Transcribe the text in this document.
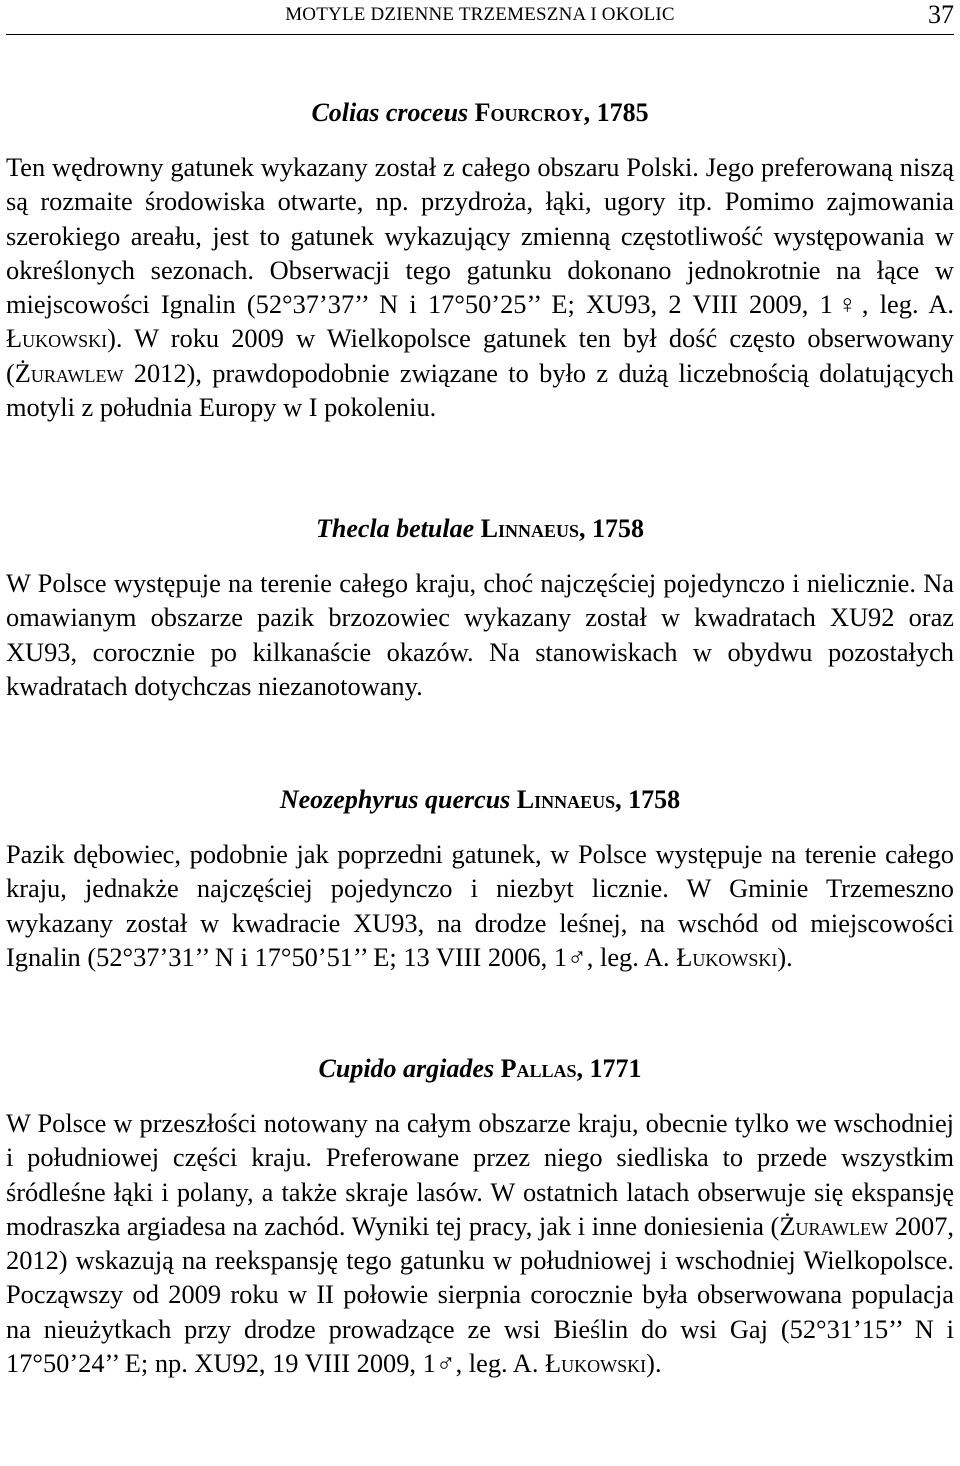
MOTYLE DZIENNE TRZEMESZNA I OKOLIC	37
Colias croceus Fourcroy, 1785

Ten wędrowny gatunek wykazany został z całego obszaru Polski. Jego preferowaną niszą są rozmaite środowiska otwarte, np. przydroża, łąki, ugory itp. Pomimo zajmowania szerokiego areału, jest to gatunek wykazujący zmienną częstotliwość występowania w określonych sezonach. Obserwacji tego gatunku dokonano jednokrotnie na łące w miejscowości Ignalin (52°37’37’’ N i 17°50’25’’ E; XU93, 2 VIII 2009, 1♀, leg. A. Łukowski). W roku 2009 w Wielkopolsce gatunek ten był dość często obserwowany (Żurawlew 2012), prawdopodobnie związane to było z dużą liczebnością dolatujących motyli z południa Europy w I pokoleniu.

Thecla betulae Linnaeus, 1758

W Polsce występuje na terenie całego kraju, choć najczęściej pojedynczo i nielicznie. Na omawianym obszarze pazik brzozowiec wykazany został w kwadratach XU92 oraz XU93, corocznie po kilkanaście okazów. Na stanowiskach w obydwu pozostałych kwadratach dotychczas niezanotowany.

Neozephyrus quercus Linnaeus, 1758

Pazik dębowiec, podobnie jak poprzedni gatunek, w Polsce występuje na terenie całego kraju, jednakże najczęściej pojedynczo i niezbyt licznie. W Gminie Trzemeszno wykazany został w kwadracie XU93, na drodze leśnej, na wschód od miejscowości Ignalin (52°37’31’’ N i 17°50’51’’ E; 13 VIII 2006, 1♂, leg. A. Łukowski).

Cupido argiades Pallas, 1771

W Polsce w przeszłości notowany na całym obszarze kraju, obecnie tylko we wschodniej i południowej części kraju. Preferowane przez niego siedliska to przede wszystkim śródleśne łąki i polany, a także skraje lasów. W ostatnich latach obserwuje się ekspansję modraszka argiadesa na zachód. Wyniki tej pracy, jak i inne doniesienia (Żurawlew 2007, 2012) wskazują na reekspansję tego gatunku w południowej i wschodniej Wielkopolsce. Począwszy od 2009 roku w II połowie sierpnia corocznie była obserwowana populacja na nieużytkach przy drodze prowadzące ze wsi Bieślin do wsi Gaj (52°31’15’’ N i 17°50’24’’ E; np. XU92, 19 VIII 2009, 1♂, leg. A. Łukowski).
